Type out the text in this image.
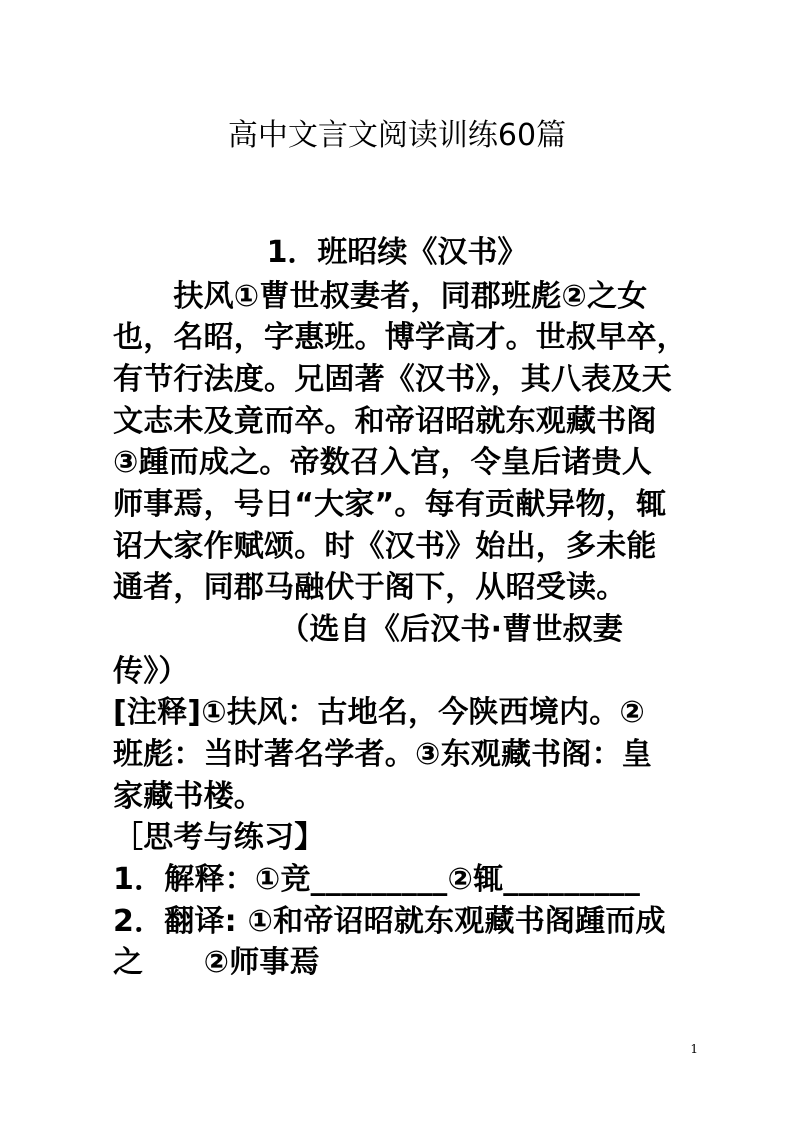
高中文言文阅读训练60篇
1．班昭续《汉书》
　　扶风①曹世叔妻者，同郡班彪②之女
也，名昭，字惠班。博学高才。世叔早卒，
有节行法度。兄固著《汉书》，其八表及天
文志未及竟而卒。和帝诏昭就东观藏书阁
③踵而成之。帝数召入宫，令皇后诸贵人
师事焉，号日“大家”。每有贡献异物，辄
诏大家作赋颂。时《汉书》始出，多未能
通者，同郡马融伏于阁下，从昭受读。
　　　　　　（选自《后汉书·曹世叔妻
传》）
[注释]①扶风：古地名，今陕西境内。②
班彪：当时著名学者。③东观藏书阁：皇
家藏书楼。
［思考与练习】
1．解释：①竞_________②辄_________
2．翻译: ①和帝诏昭就东观藏书阁踵而成
之　　②师事焉
1
